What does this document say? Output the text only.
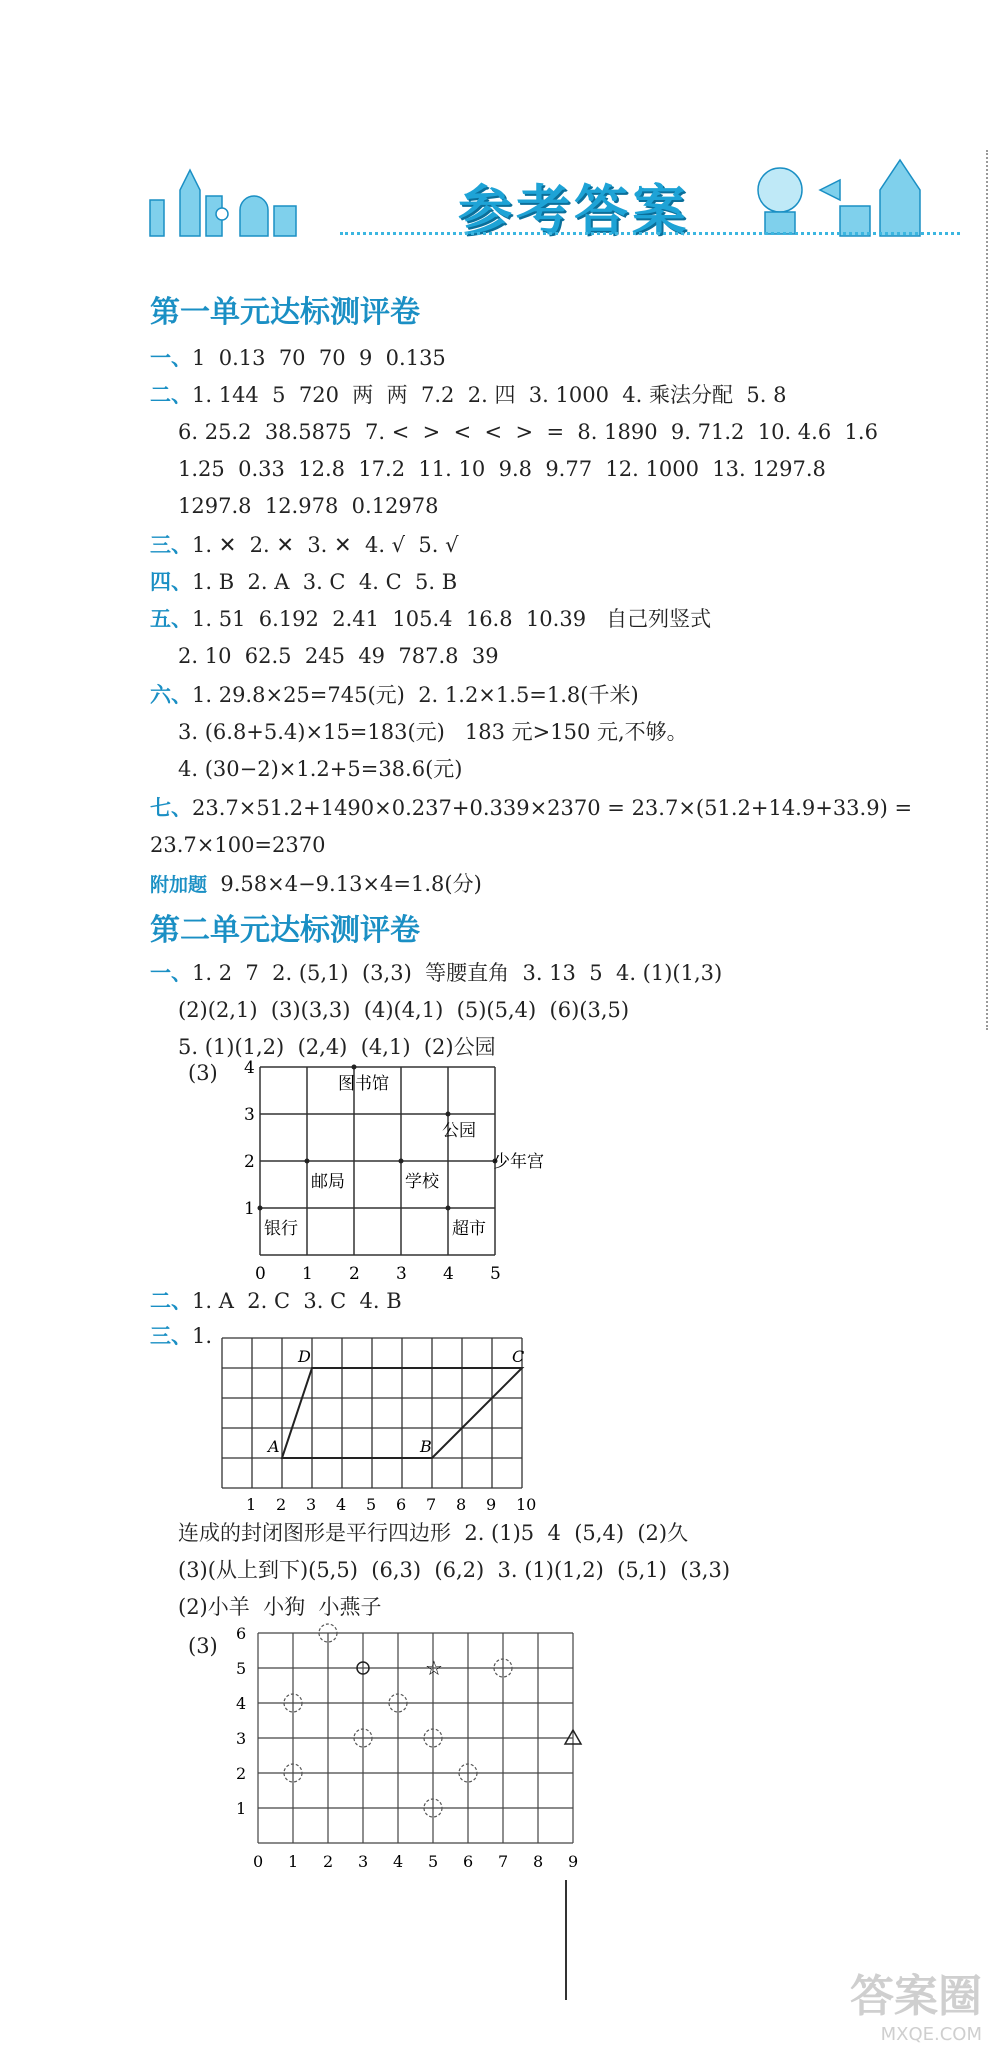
参考答案
第一单元达标测评卷
一、1  0.13  70  70  9  0.135
二、1. 144  5  720  两  两  7.2  2. 四  3. 1000  4. 乘法分配  5. 8
6. 25.2  38.5875  7. <  >  <  <  >  =  8. 1890  9. 71.2  10. 4.6  1.6
1.25  0.33  12.8  17.2  11. 10  9.8  9.77  12. 1000  13. 1297.8
1297.8  12.978  0.12978
三、1. ✕  2. ✕  3. ✕  4. √  5. √
四、1. B  2. A  3. C  4. C  5. B
五、1. 51  6.192  2.41  105.4  16.8  10.39   自己列竖式
2. 10  62.5  245  49  787.8  39
六、1. 29.8×25=745(元)  2. 1.2×1.5=1.8(千米)
3. (6.8+5.4)×15=183(元)   183 元>150 元,不够。
4. (30−2)×1.2+5=38.6(元)
七、23.7×51.2+1490×0.237+0.339×2370 = 23.7×(51.2+14.9+33.9) =
23.7×100=2370
附加题  9.58×4−9.13×4=1.8(分)
第二单元达标测评卷
一、1. 2  7  2. (5,1)  (3,3)  等腰直角  3. 13  5  4. (1)(1,3)
(2)(2,1)  (3)(3,3)  (4)(4,1)  (5)(5,4)  (6)(3,5)
5. (1)(1,2)  (2,4)  (4,1)  (2)公园
(3)
0 1 2 3 4 5
4
3
2
1
图书馆
公园
邮局	学校
少年宫
银行	超市
二、1. A  2. C  3. C  4. B
三、1.
1 2 3 4 5 6 7 8 9 10
A	B
C
D
连成的封闭图形是平行四边形  2. (1)5  4  (5,4)  (2)久
(3)(从上到下)(5,5)  (6,3)  (6,2)  3. (1)(1,2)  (5,1)  (3,3)
(2)小羊  小狗  小燕子
(3)
0 1 2 3 4 5 6 7 8 9
6
5
4
3
2
1
☆
答案圈
MXQE.COM
